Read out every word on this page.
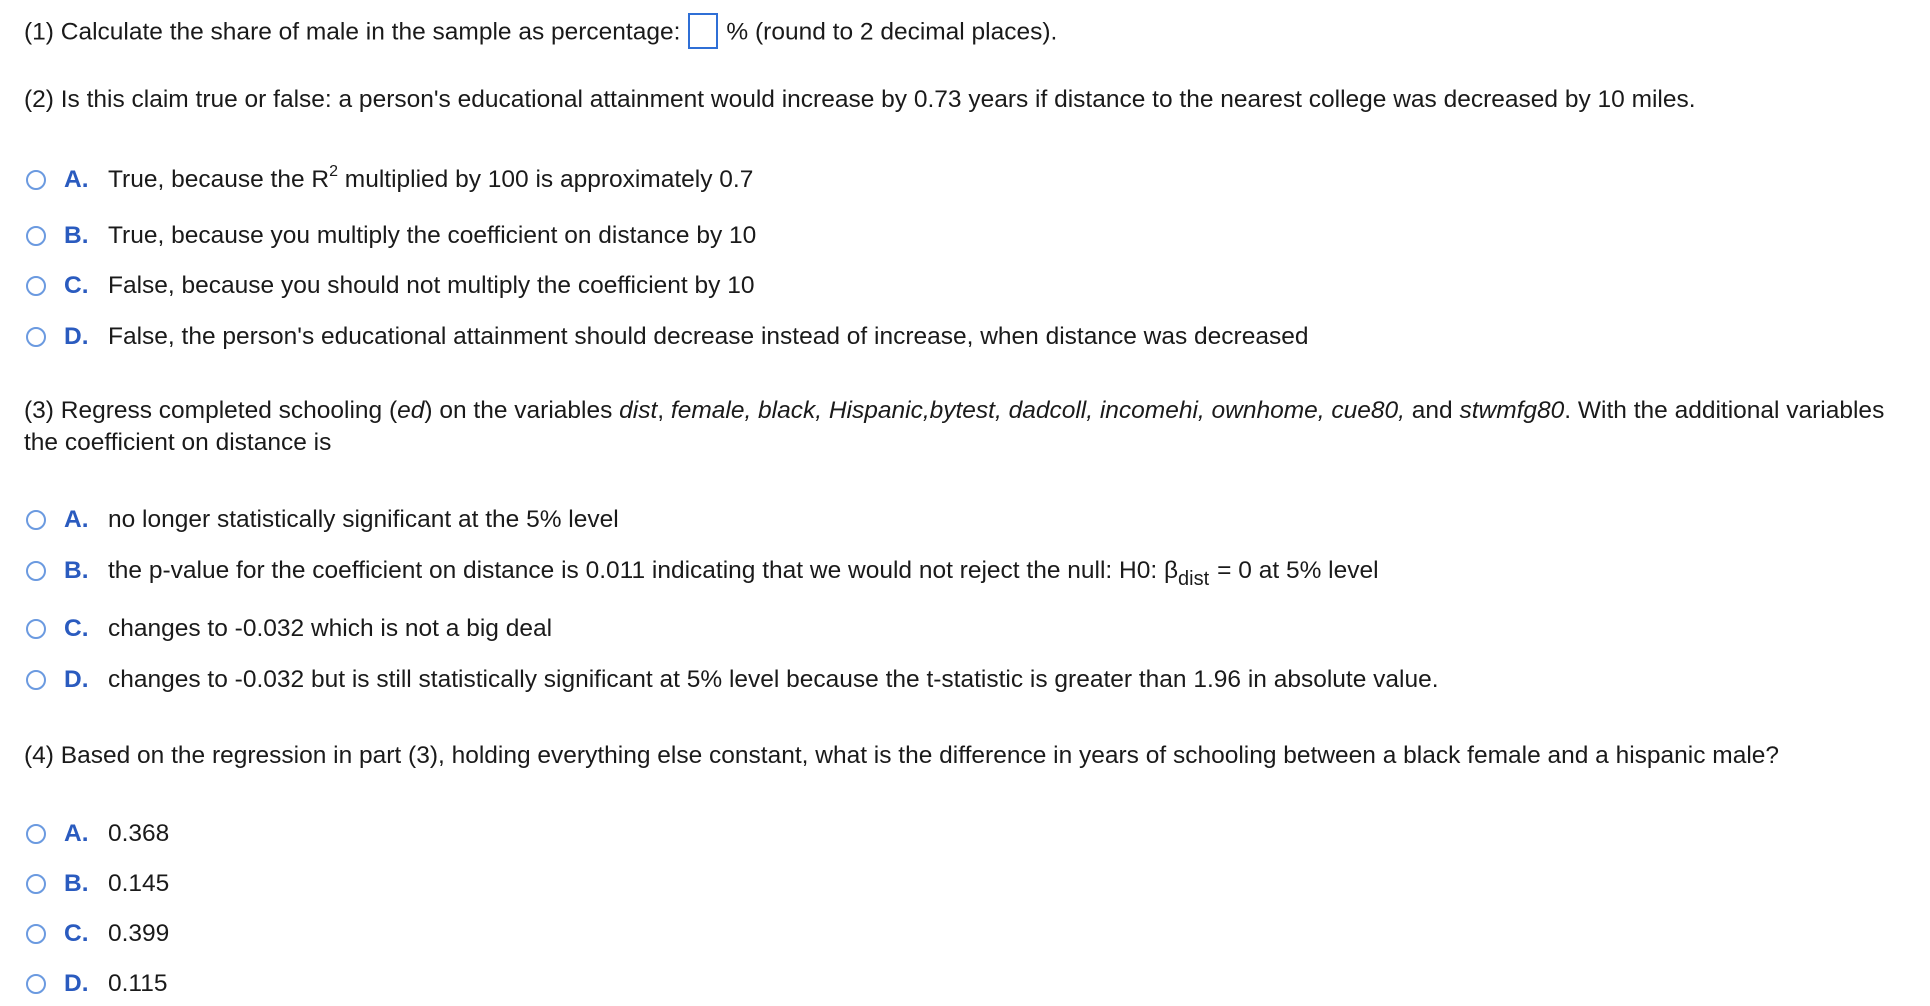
(1) Calculate the share of male in the sample as percentage: % (round to 2 decimal places).
(2) Is this claim true or false: a person's educational attainment would increase by 0.73 years if distance to the nearest college was decreased by 10 miles.
A. True, because the $R^2$ multiplied by 100 is approximately 0.7
B. True, because you multiply the coefficient on distance by 10
C. False, because you should not multiply the coefficient by 10
D. False, the person's educational attainment should decrease instead of increase, when distance was decreased
(3) Regress completed schooling (ed) on the variables dist, female, black, Hispanic,bytest, dadcoll, incomehi, ownhome, cue80, and stwmfg80. With the additional variables the coefficient on distance is
A. no longer statistically significant at the 5% level
B. the p-value for the coefficient on distance is 0.011 indicating that we would not reject the null: H0: $\beta_{dist} = 0$ at 5% level
C. changes to -0.032 which is not a big deal
D. changes to -0.032 but is still statistically significant at 5% level because the t-statistic is greater than 1.96 in absolute value.
(4) Based on the regression in part (3), holding everything else constant, what is the difference in years of schooling between a black female and a hispanic male?
A. 0.368
B. 0.145
C. 0.399
D. 0.115
